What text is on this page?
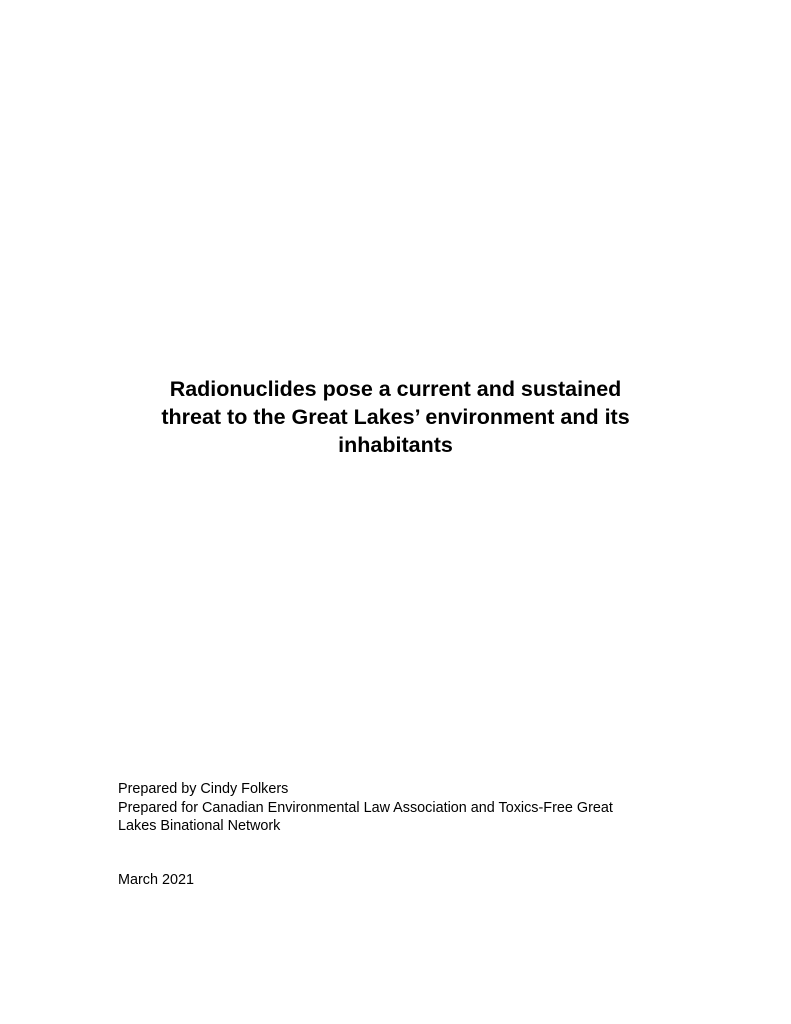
Radionuclides pose a current and sustained
threat to the Great Lakes’ environment and its
inhabitants
Prepared by Cindy Folkers
Prepared for Canadian Environmental Law Association and Toxics-Free Great
Lakes Binational Network
March 2021
